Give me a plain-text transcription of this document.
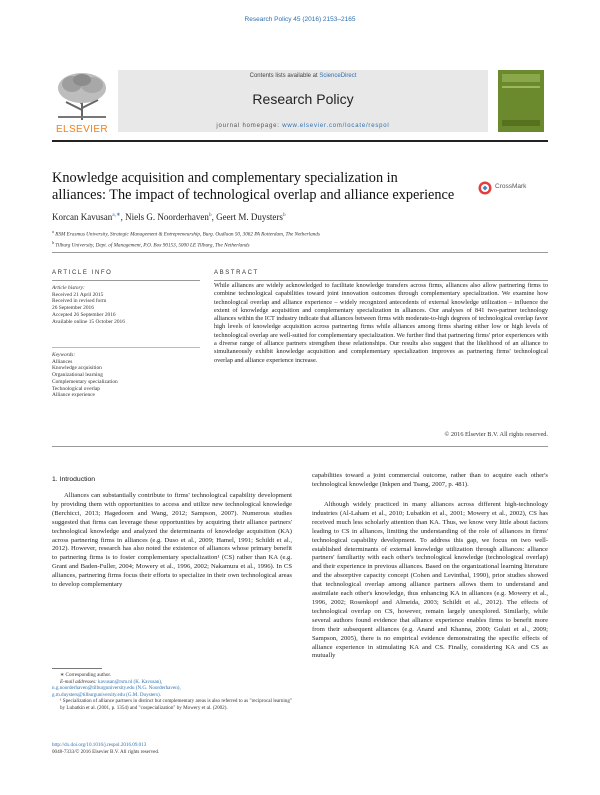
Research Policy 45 (2016) 2153–2165
ELSEVIER
Contents lists available at ScienceDirect
Research Policy
journal homepage: www.elsevier.com/locate/respol
Knowledge acquisition and complementary specialization in
alliances: The impact of technological overlap and alliance experience
CrossMark
Korcan Kavusan$^{a,∗}$, Niels G. Noorderhaven$^b$, Geert M. Duysters$^b$
$^a$ RSM Erasmus University, Strategic Management & Entrepreneurship, Burg. Oudlaan 50, 3062 PA Rotterdam, The Netherlands
$^b$ Tilburg University, Dept. of Management, P.O. Box 90153, 5000 LE Tilburg, The Netherlands
ARTICLE INFO
Article history:
Received 21 April 2015
Received in revised form
26 September 2016
Accepted 26 September 2016
Available online 15 October 2016
Keywords:
Alliances
Knowledge acquisition
Organizational learning
Complementary specialization
Technological overlap
Alliance experience
ABSTRACT
While alliances are widely acknowledged to facilitate knowledge transfers across firms, alliances also allow partnering firms to combine technological capabilities toward joint innovation outcomes through complementary specialization. We examine how technological overlap and alliance experience – widely recognized antecedents of external knowledge utilization – influence the extent of knowledge acquisition and complementary specialization in alliances. Our analyses of 841 two-partner technology alliances within the ICT industry indicate that alliances between firms with moderate-to-high degrees of technological overlap favor high levels of knowledge acquisition across partnering firms while alliances among firms sharing either low or high levels of technological overlap are well-suited for complementary specialization. We further find that partnering firms' prior experiences with a diverse range of alliance partners strengthen these relationships. Our results also suggest that the likelihood of an alliance to simultaneously exhibit knowledge acquisition and complementary specialization improves as partnering firms' technological overlap and alliance experience increase.
© 2016 Elsevier B.V. All rights reserved.
1. Introduction
Alliances can substantially contribute to firms' technological capability development by providing them with opportunities to access and utilize new technological knowledge (Berchicci, 2013; Hagedoorn and Wang, 2012; Sampson, 2007). Numerous studies suggested that firms can leverage these opportunities by acquiring their alliance partners' technological knowledge and analyzed the determinants of knowledge acquisition (KA) across partnering firms in alliances (e.g. Duso et al., 2009; Hamel, 1991; Schildt et al., 2012). However, research has also noted the existence of alliances whose primary benefit to partnering firms is to foster complementary specialization¹ (CS) rather than KA (e.g. Grant and Baden-Fuller, 2004; Mowery et al., 1996, 2002; Nakamura et al., 1996). In CS alliances, partnering firms focus their efforts to specialize in their own technological areas to develop complementary
capabilities toward a joint commercial outcome, rather than to acquire each other's technological knowledge (Inkpen and Tsang, 2007, p. 481).
Although widely practiced in many alliances across different high-technology industries (Al-Laham et al., 2010; Lubatkin et al., 2001; Mowery et al., 2002), CS has received much less scholarly attention than KA. Thus, we know very little about factors leading to CS in alliances, limiting the understanding of the role of alliances in firms' technological capability development. To address this gap, we focus on two well-established determinants of external knowledge utilization through alliances: alliance partners' familiarity with each other's technological knowledge (technological overlap) and their experience in previous alliances. Based on the organizational learning literature and the absorptive capacity concept (Cohen and Levinthal, 1990), prior studies showed that technological overlap among alliance partners allows them to understand and assimilate each other's knowledge, thus enhancing KA in alliances (e.g. Mowery et al., 1996, 2002; Rosenkopf and Almeida, 2003; Schildt et al., 2012). The effects of technological overlap on CS, however, remain largely unexplored. Similarly, while several authors found evidence that alliance experience enables firms to benefit more from their subsequent alliances (e.g. Anand and Khanna, 2000; Gulati et al., 2009; Sampson, 2005), there is no empirical evidence demonstrating the specific effects of alliance experience in stimulating KA and CS. Finally, considering KA and CS as mutually
∗ Corresponding author.
E-mail addresses: kavusan@rsm.nl (K. Kavusan),
n.g.noorderhaven@tilburguniversity.edu (N.G. Noorderhaven),
g.m.duysters@tilburguniversity.edu (G.M. Duysters).
¹ Specialization of alliance partners in distinct but complementary areas is also referred to as "reciprocal learning" by Lubatkin et al. (2001, p. 1354) and "cospecialization" by Mowery et al. (2002).
http://dx.doi.org/10.1016/j.respol.2016.09.013
0048-7333/© 2016 Elsevier B.V. All rights reserved.
